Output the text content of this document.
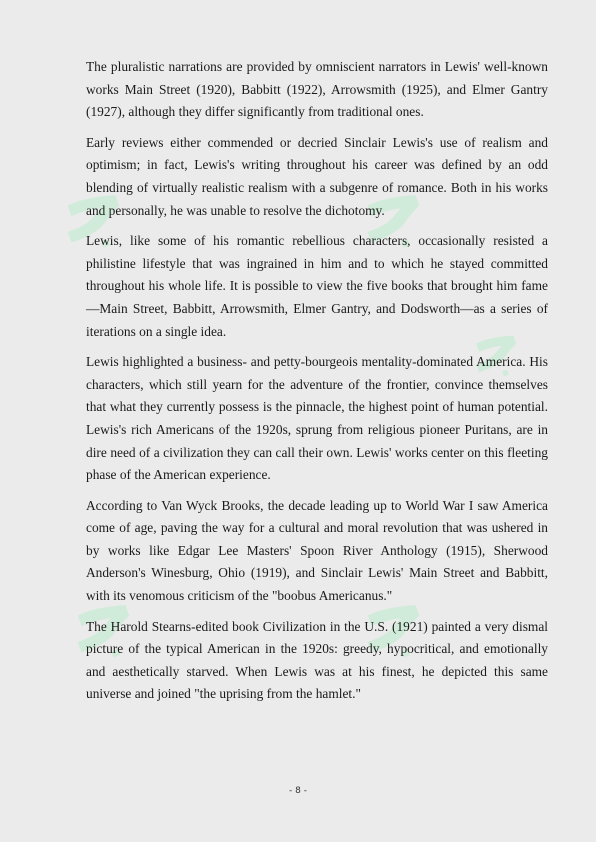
ﺟ ﺟ
ﺟ ﺟ
ﺟ

The pluralistic narrations are provided by omniscient narrators in Lewis' well-known works Main Street (1920), Babbitt (1922), Arrowsmith (1925), and Elmer Gantry (1927), although they differ significantly from traditional ones.

Early reviews either commended or decried Sinclair Lewis's use of realism and optimism; in fact, Lewis's writing throughout his career was defined by an odd blending of virtually realistic realism with a subgenre of romance. Both in his works and personally, he was unable to resolve the dichotomy.

Lewis, like some of his romantic rebellious characters, occasionally resisted a philistine lifestyle that was ingrained in him and to which he stayed committed throughout his whole life. It is possible to view the five books that brought him fame—Main Street, Babbitt, Arrowsmith, Elmer Gantry, and Dodsworth—as a series of iterations on a single idea.

Lewis highlighted a business- and petty-bourgeois mentality-dominated America. His characters, which still yearn for the adventure of the frontier, convince themselves that what they currently possess is the pinnacle, the highest point of human potential. Lewis's rich Americans of the 1920s, sprung from religious pioneer Puritans, are in dire need of a civilization they can call their own. Lewis' works center on this fleeting phase of the American experience.

According to Van Wyck Brooks, the decade leading up to World War I saw America come of age, paving the way for a cultural and moral revolution that was ushered in by works like Edgar Lee Masters' Spoon River Anthology (1915), Sherwood Anderson's Winesburg, Ohio (1919), and Sinclair Lewis' Main Street and Babbitt, with its venomous criticism of the "boobus Americanus."

The Harold Stearns-edited book Civilization in the U.S. (1921) painted a very dismal picture of the typical American in the 1920s: greedy, hypocritical, and emotionally and aesthetically starved. When Lewis was at his finest, he depicted this same universe and joined "the uprising from the hamlet."

- 8 -
